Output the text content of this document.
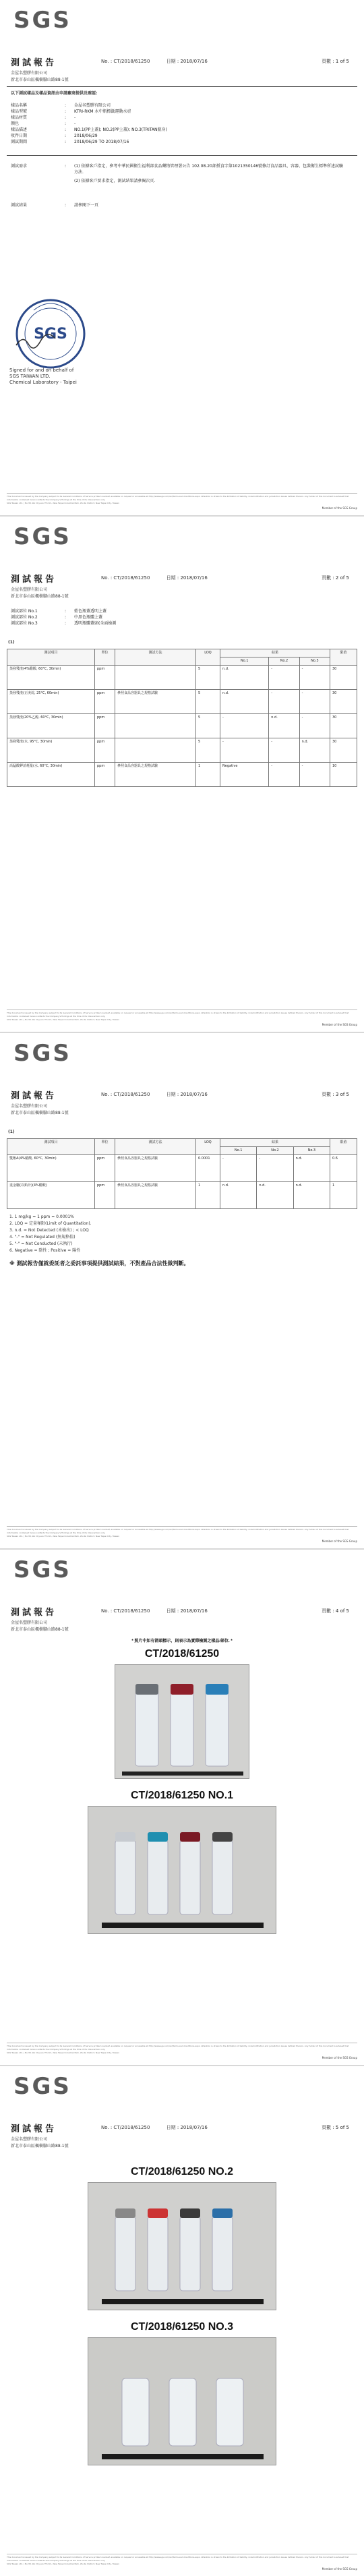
SGS
測試報告	No. : CT/2018/61250	日期 : 2018/07/16	頁數 : 1 of 5
金屋名塑膠有限公司
新北市泰山區楓樹腳山路88-1號
以下測試樣品及樣品資訊由申請廠商提供及確認:
樣品名稱	: 金屋名塑膠有限公司
樣品型號	: KTRI-RKM 水中瓶標籤運動水壺
樣品材質	: -
顏色	: -
樣品描述	: NO.1(PP上蓋); NO.2(PP上蓋); NO.3(TRITAN瓶身)
收件日期	: 2018/06/29
測試期間	: 2018/06/29 TO 2018/07/16
測試需求	:	(1) 依據客戶指定，參考中華民國衛生福利部食品藥物管理署公告 102.08.20部授食字第1021350146號修訂食品器具、容器、包裝衛生標準所述試驗方法.
(2) 依據客戶要求指定，測試結果請參閱次頁.
測試結果	: 請參閱下一頁
SGS
Signed for and on behalf of
SGS TAIWAN LTD.
Chemical Laboratory - Taipei
This document is issued by the Company subject to its General Conditions of Service printed overleaf, available on request or accessible at http://www.sgs.com/en/Terms-and-Conditions.aspx. Attention is drawn to the limitation of liability, indemnification and jurisdiction issues defined therein. Any holder of this document is advised that information contained hereon reflects the Company's findings at the time of its intervention only.
SGS Taiwan Ltd. | No.38, Wu Chyuan 7th Rd., New Taipei Industrial Park, Wu Ku District, New Taipei City, Taiwan
Member of the SGS Group
SGS
測試報告	No. : CT/2018/61250	日期 : 2018/07/16	頁數 : 2 of 5
金屋名塑膠有限公司
新北市泰山區楓樹腳山路88-1號
測試部位 No.1	: 藍色瓶蓋透明上蓋
測試部位 No.2	: 中黑色瓶體上蓋
測試部位 No.3	: 透明瓶體蓋頭(全面檢測
(1)
測試項目	單位	測試方法	LOQ	結果			限值
				No.1	No.2	No.3	
蒸發殘渣(4%醋酸, 60°C, 30min)	ppm		5	n.d.	-	-	30
蒸發殘渣(正庚烷, 25°C, 60min)	ppm	參照食品容器具之規格試驗	5	n.d.	-	-	30
蒸發殘渣(20%乙醇, 60°C, 30min)	ppm		5	-	n.d.	-	30
蒸發殘渣(水, 95°C, 30min)	ppm		5	-	-	n.d.	30
高錳酸鉀消耗量(水, 60°C, 30min)	ppm	參照食品容器具之規格試驗	1	Negative	-	-	10
This document is issued by the Company subject to its General Conditions of Service printed overleaf, available on request or accessible at http://www.sgs.com/en/Terms-and-Conditions.aspx. Attention is drawn to the limitation of liability, indemnification and jurisdiction issues defined therein. Any holder of this document is advised that information contained hereon reflects the Company's findings at the time of its intervention only.
SGS Taiwan Ltd. | No.38, Wu Chyuan 7th Rd., New Taipei Industrial Park, Wu Ku District, New Taipei City, Taiwan
Member of the SGS Group
SGS
測試報告	No. : CT/2018/61250	日期 : 2018/07/16	頁數 : 3 of 5
金屋名塑膠有限公司
新北市泰山區楓樹腳山路88-1號
(1)
測試項目	單位	測試方法	LOQ	結果			限值
				No.1	No.2	No.3	
雙酚A(4%醋酸, 60°C, 30min)	ppm	參照食品容器具之規格試驗	0.0001	-	-	n.d.	0.6
重金屬(以鉛計)(4%醋酸)	ppm	參照食品容器具之規格試驗	1	n.d.	n.d.	n.d.	1
1. 1 mg/kg = 1 ppm = 0.0001%
2. LOQ = 定量極限(Limit of Quantitation).
3. n.d. = Not Detected (未檢出) ; < LOQ
4. "-" = Not Regulated (無規格值)
5. "-" = Not Conducted (未執行)
6. Negative = 陰性 ; Positive = 陽性
※ 測試報告僅就委託者之委託事項提供測試結果，不對產品合法性做判斷。
This document is issued by the Company subject to its General Conditions of Service printed overleaf, available on request or accessible at http://www.sgs.com/en/Terms-and-Conditions.aspx. Attention is drawn to the limitation of liability, indemnification and jurisdiction issues defined therein. Any holder of this document is advised that information contained hereon reflects the Company's findings at the time of its intervention only.
SGS Taiwan Ltd. | No.38, Wu Chyuan 7th Rd., New Taipei Industrial Park, Wu Ku District, New Taipei City, Taiwan
Member of the SGS Group
SGS
測試報告	No. : CT/2018/61250	日期 : 2018/07/16	頁數 : 4 of 5
金屋名塑膠有限公司
新北市泰山區楓樹腳山路88-1號
* 照片中如有箭頭標示，則表示為實際檢測之樣品/部位. *
CT/2018/61250
CT/2018/61250 NO.1
This document is issued by the Company subject to its General Conditions of Service printed overleaf, available on request or accessible at http://www.sgs.com/en/Terms-and-Conditions.aspx. Attention is drawn to the limitation of liability, indemnification and jurisdiction issues defined therein. Any holder of this document is advised that information contained hereon reflects the Company's findings at the time of its intervention only.
SGS Taiwan Ltd. | No.38, Wu Chyuan 7th Rd., New Taipei Industrial Park, Wu Ku District, New Taipei City, Taiwan
Member of the SGS Group
SGS
測試報告	No. : CT/2018/61250	日期 : 2018/07/16	頁數 : 5 of 5
金屋名塑膠有限公司
新北市泰山區楓樹腳山路88-1號
CT/2018/61250 NO.2
CT/2018/61250 NO.3
This document is issued by the Company subject to its General Conditions of Service printed overleaf, available on request or accessible at http://www.sgs.com/en/Terms-and-Conditions.aspx. Attention is drawn to the limitation of liability, indemnification and jurisdiction issues defined therein. Any holder of this document is advised that information contained hereon reflects the Company's findings at the time of its intervention only.
SGS Taiwan Ltd. | No.38, Wu Chyuan 7th Rd., New Taipei Industrial Park, Wu Ku District, New Taipei City, Taiwan
Member of the SGS Group
